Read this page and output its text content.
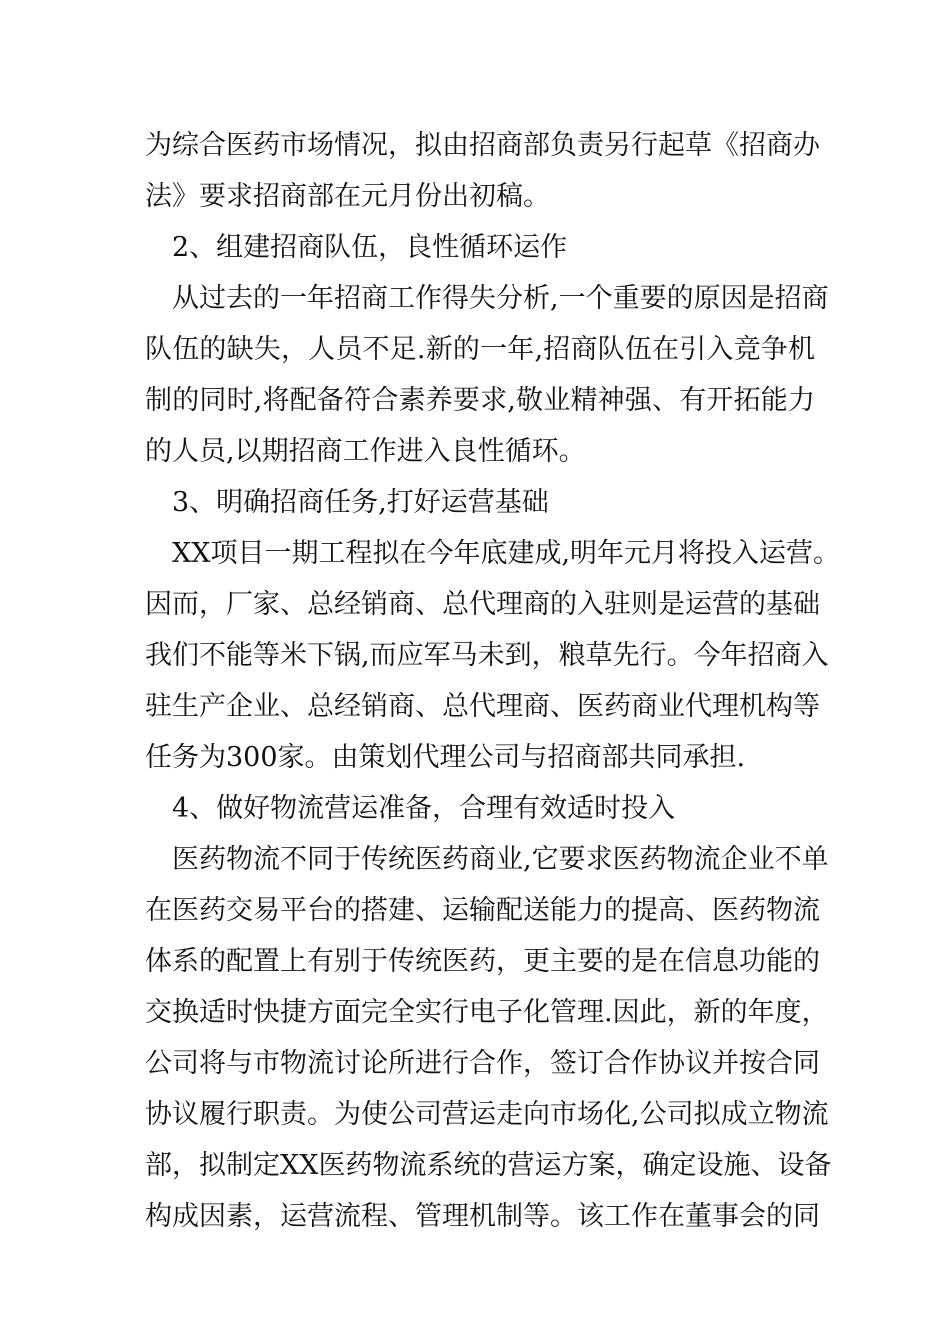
为综合医药市场情况，拟由招商部负责另行起草《招商办
法》要求招商部在元月份出初稿。
2、组建招商队伍，良性循环运作
从过去的一年招商工作得失分析,一个重要的原因是招商
队伍的缺失，人员不足.新的一年,招商队伍在引入竞争机
制的同时,将配备符合素养要求,敬业精神强、有开拓能力
的人员,以期招商工作进入良性循环。
3、明确招商任务,打好运营基础
XX项目一期工程拟在今年底建成,明年元月将投入运营。
因而，厂家、总经销商、总代理商的入驻则是运营的基础
我们不能等米下锅,而应军马未到，粮草先行。今年招商入
驻生产企业、总经销商、总代理商、医药商业代理机构等
任务为300家。由策划代理公司与招商部共同承担.
4、做好物流营运准备，合理有效适时投入
医药物流不同于传统医药商业,它要求医药物流企业不单
在医药交易平台的搭建、运输配送能力的提高、医药物流
体系的配置上有别于传统医药，更主要的是在信息功能的
交换适时快捷方面完全实行电子化管理.因此，新的年度，
公司将与市物流讨论所进行合作，签订合作协议并按合同
协议履行职责。为使公司营运走向市场化,公司拟成立物流
部，拟制定XX医药物流系统的营运方案，确定设施、设备
构成因素，运营流程、管理机制等。该工作在董事会的同
